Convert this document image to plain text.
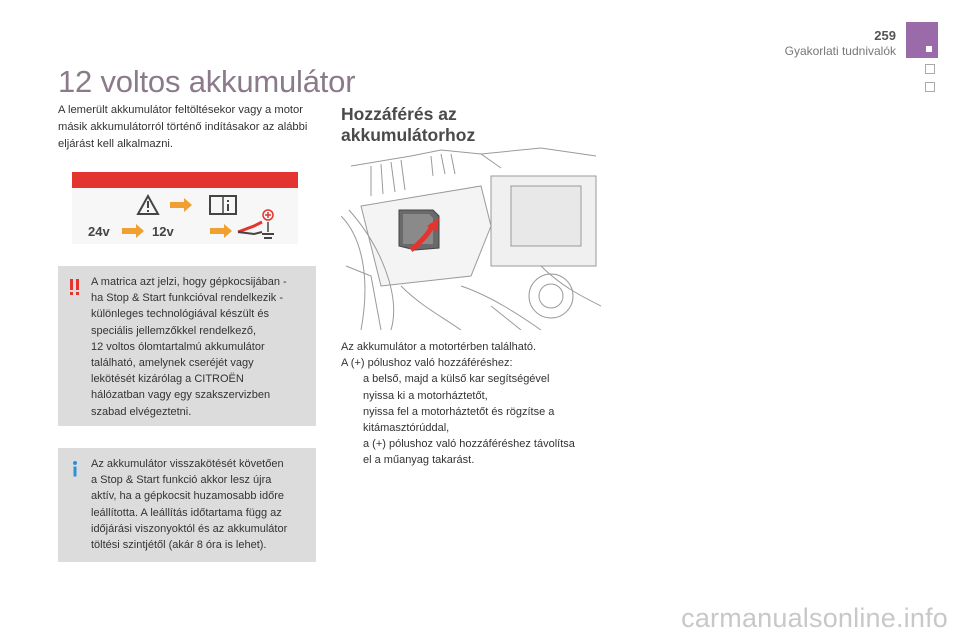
259
Gyakorlati tudnivalók
12 voltos akkumulátor
A lemerült akkumulátor feltöltésekor vagy a motor másik akkumulátorról történő indításakor az alábbi eljárást kell alkalmazni.
24v	12v
A matrica azt jelzi, hogy gépkocsijában -
ha Stop & Start funkcióval rendelkezik -
különleges technológiával készült és
speciális jellemzőkkel rendelkező,
12 voltos ólomtartalmú akkumulátor
található, amelynek cseréjét vagy
lekötését kizárólag a CITROËN
hálózatban vagy egy szakszervizben
szabad elvégeztetni.
Az akkumulátor visszakötését követően
a Stop & Start funkció akkor lesz újra
aktív, ha a gépkocsit huzamosabb időre
leállította. A leállítás időtartama függ az
időjárási viszonyoktól és az akkumulátor
töltési szintjétől (akár 8 óra is lehet).
Hozzáférés az
akkumulátorhoz
Az akkumulátor a motortérben található.
A (+) pólushoz való hozzáféréshez:
a belső, majd a külső kar segítségével
nyissa ki a motorháztetőt,
nyissa fel a motorháztetőt és rögzítse a
kitámasztórúddal,
a (+) pólushoz való hozzáféréshez távolítsa
el a műanyag takarást.
carmanualsonline.info
